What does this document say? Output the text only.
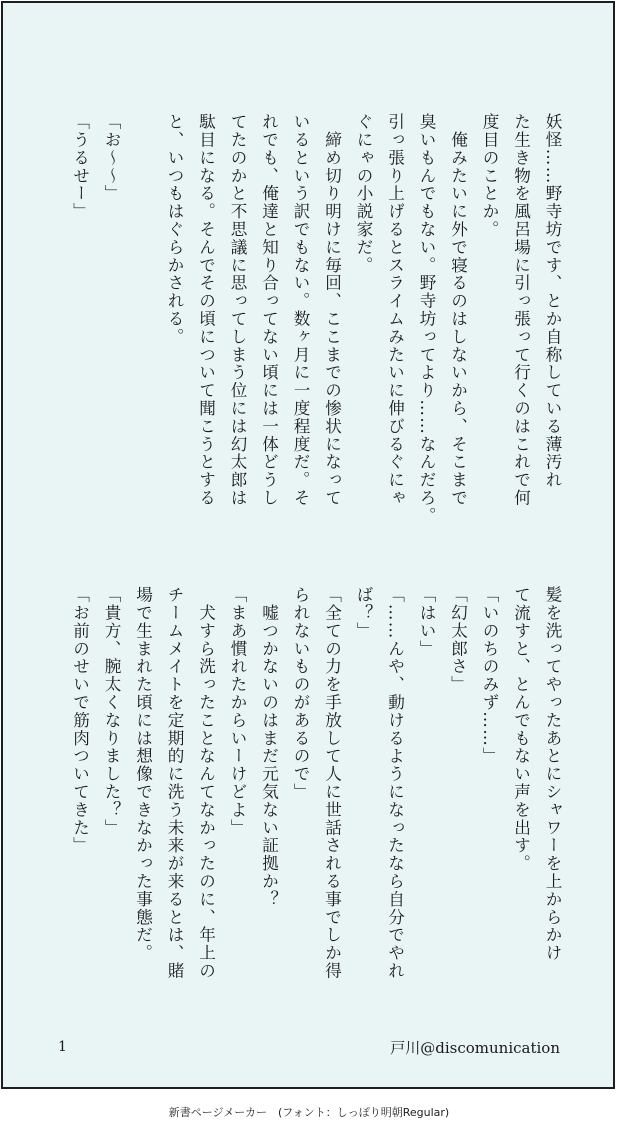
妖怪……野寺坊です、とか自称している薄汚れ
た生き物を風呂場に引っ張って行くのはこれで何
度目のことか。
　俺みたいに外で寝るのはしないから、そこまで
臭いもんでもない。野寺坊ってより……なんだろ。
引っ張り上げるとスライムみたいに伸びるぐにゃ
ぐにゃの小説家だ。
　締め切り明けに毎回、ここまでの惨状になって
いるという訳でもない。数ヶ月に一度程度だ。そ
れでも、俺達と知り合ってない頃には一体どうし
てたのかと不思議に思ってしまう位には幻太郎は
駄目になる。そんでその頃について聞こうとする
と、いつもはぐらかされる。

「お～～」
「うるせー」
髪を洗ってやったあとにシャワーを上からかけ
て流すと、とんでもない声を出す。
「いのちのみず……」
「幻太郎さ」
「はい」
「……んや、動けるようになったなら自分でやれ
ば？」
「全ての力を手放して人に世話される事でしか得
られないものがあるので」
　嘘つかないのはまだ元気ない証拠か？
「まあ慣れたからいーけどよ」
　犬すら洗ったことなんてなかったのに、年上の
チームメイトを定期的に洗う未来が来るとは、賭
場で生まれた頃には想像できなかった事態だ。
「貴方、腕太くなりました？」
「お前のせいで筋肉ついてきた」
1	戸川@discomunication
新書ページメーカー　(フォント：しっぽり明朝Regular)
